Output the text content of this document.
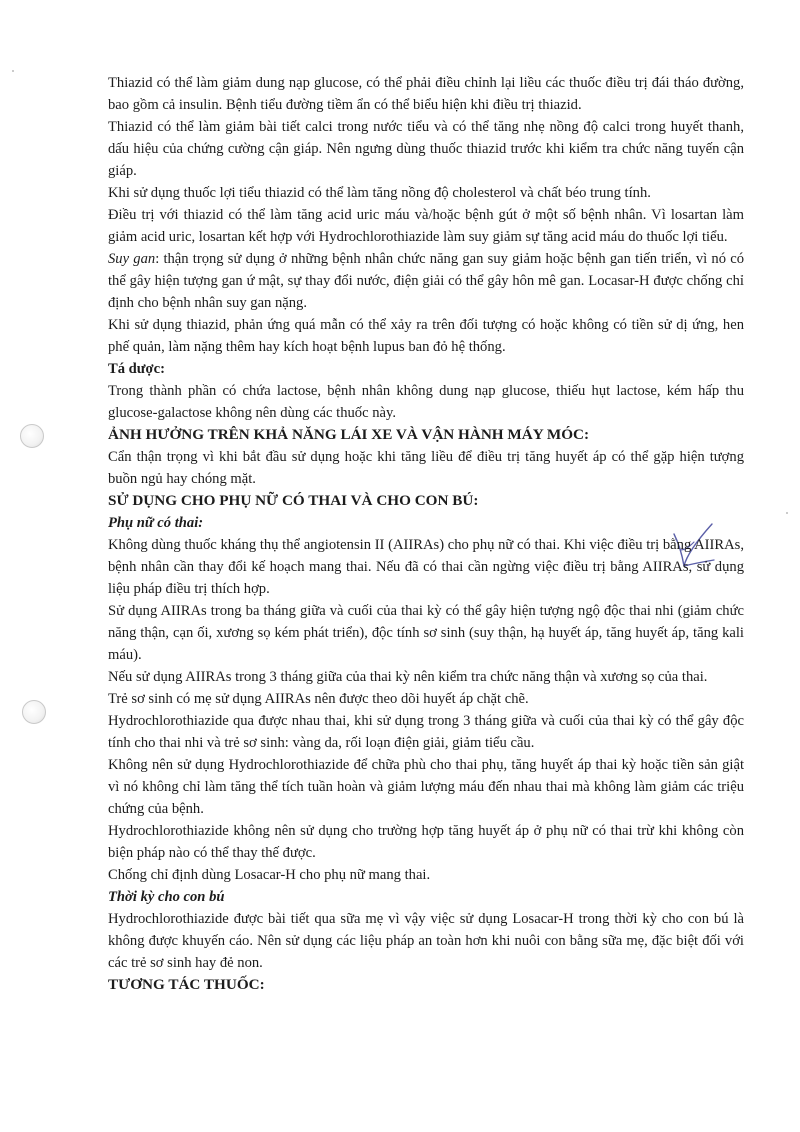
Thiazid có thể làm giảm dung nạp glucose, có thể phải điều chỉnh lại liều các thuốc điều trị đái tháo đường, bao gồm cả insulin. Bệnh tiểu đường tiềm ẩn có thể biểu hiện khi điều trị thiazid.

Thiazid có thể làm giảm bài tiết calci trong nước tiểu và có thể tăng nhẹ nồng độ calci trong huyết thanh, dấu hiệu của chứng cường cận giáp. Nên ngưng dùng thuốc thiazid trước khi kiểm tra chức năng tuyến cận giáp.

Khi sử dụng thuốc lợi tiểu thiazid có thể làm tăng nồng độ cholesterol và chất béo trung tính.

Điều trị với thiazid có thể làm tăng acid uric máu và/hoặc bệnh gút ở một số bệnh nhân. Vì losartan làm giảm acid uric, losartan kết hợp với Hydrochlorothiazide làm suy giảm sự tăng acid máu do thuốc lợi tiểu.

Suy gan: thận trọng sử dụng ở những bệnh nhân chức năng gan suy giảm hoặc bệnh gan tiến triển, vì nó có thể gây hiện tượng gan ứ mật, sự thay đổi nước, điện giải có thể gây hôn mê gan. Locasar-H được chống chỉ định cho bệnh nhân suy gan nặng.

Khi sử dụng thiazid, phản ứng quá mẫn có thể xảy ra trên đối tượng có hoặc không có tiền sử dị ứng, hen phế quản, làm nặng thêm hay kích hoạt bệnh lupus ban đỏ hệ thống.

Tá dược:

Trong thành phần có chứa lactose, bệnh nhân không dung nạp glucose, thiếu hụt lactose, kém hấp thu glucose-galactose không nên dùng các thuốc này.

ẢNH HƯỞNG TRÊN KHẢ NĂNG LÁI XE VÀ VẬN HÀNH MÁY MÓC:

Cẩn thận trọng vì khi bắt đầu sử dụng hoặc khi tăng liều để điều trị tăng huyết áp có thể gặp hiện tượng buồn ngủ hay chóng mặt.

SỬ DỤNG CHO PHỤ NỮ CÓ THAI VÀ CHO CON BÚ:

Phụ nữ có thai:

Không dùng thuốc kháng thụ thể angiotensin II (AIIRAs) cho phụ nữ có thai. Khi việc điều trị bằng AIIRAs, bệnh nhân cần thay đổi kế hoạch mang thai. Nếu đã có thai cần ngừng việc điều trị bằng AIIRAs, sử dụng liệu pháp điều trị thích hợp.

Sử dụng AIIRAs trong ba tháng giữa và cuối của thai kỳ có thể gây hiện tượng ngộ độc thai nhi (giảm chức năng thận, cạn ối, xương sọ kém phát triển), độc tính sơ sinh (suy thận, hạ huyết áp, tăng huyết áp, tăng kali máu).

Nếu sử dụng AIIRAs trong 3 tháng giữa của thai kỳ nên kiểm tra chức năng thận và xương sọ của thai.

Trẻ sơ sinh có mẹ sử dụng AIIRAs nên được theo dõi huyết áp chặt chẽ.

Hydrochlorothiazide qua được nhau thai, khi sử dụng trong 3 tháng giữa và cuối của thai kỳ có thể gây độc tính cho thai nhi và trẻ sơ sinh: vàng da, rối loạn điện giải, giảm tiểu cầu.

Không nên sử dụng Hydrochlorothiazide để chữa phù cho thai phụ, tăng huyết áp thai kỳ hoặc tiền sản giật vì nó không chỉ làm tăng thể tích tuần hoàn và giảm lượng máu đến nhau thai mà không làm giảm các triệu chứng của bệnh.

Hydrochlorothiazide không nên sử dụng cho trường hợp tăng huyết áp ở phụ nữ có thai trừ khi không còn biện pháp nào có thể thay thế được.

Chống chỉ định dùng Losacar-H cho phụ nữ mang thai.

Thời kỳ cho con bú

Hydrochlorothiazide được bài tiết qua sữa mẹ vì vậy việc sử dụng Losacar-H trong thời kỳ cho con bú là không được khuyến cáo. Nên sử dụng các liệu pháp an toàn hơn khi nuôi con bằng sữa mẹ, đặc biệt đối với các trẻ sơ sinh hay đẻ non.

TƯƠNG TÁC THUỐC:
